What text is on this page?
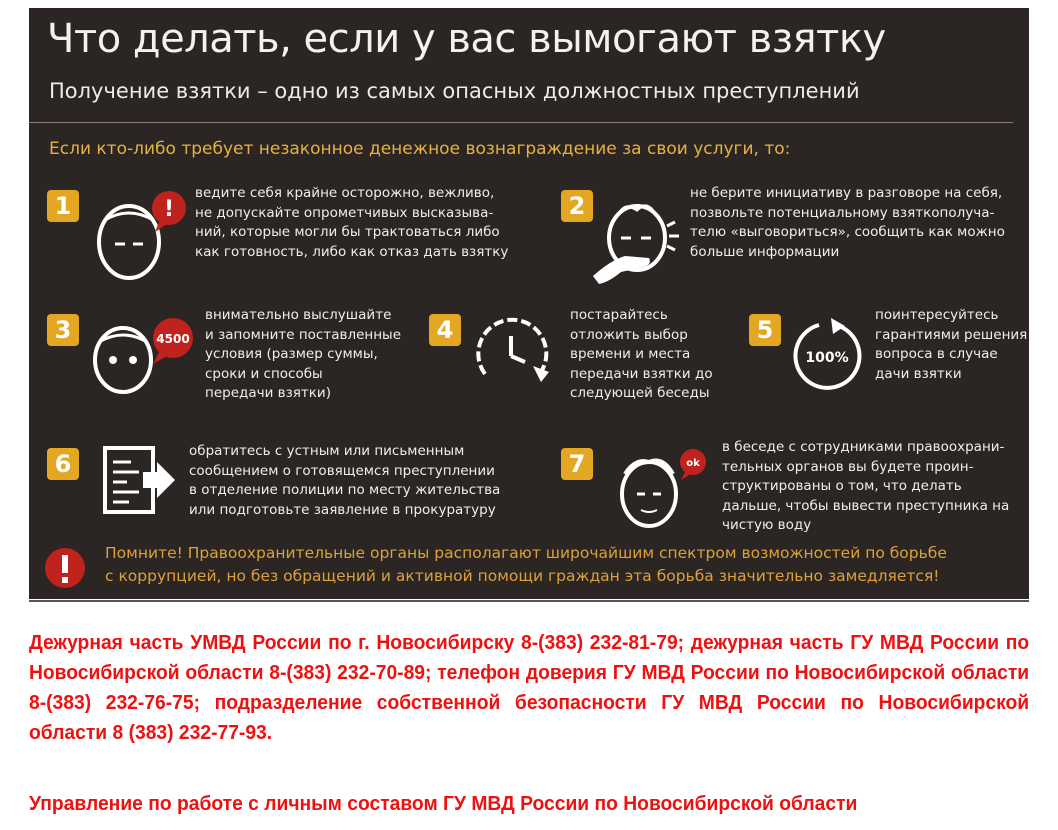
Что делать, если у вас вымогают взятку
Получение взятки – одно из самых опасных должностных преступлений
Если кто-либо требует незаконное денежное вознаграждение за свои услуги, то:
1	!
ведите себя крайне осторожно, вежливо,
не допускайте опрометчивых высказыва-
ний, которые могли бы трактоваться либо
как готовность, либо как отказ дать взятку
2	не берите инициативу в разговоре на себя,
позвольте потенциальному взяткополуча-
телю «выговориться», сообщить как можно
больше информации
3	4500
внимательно выслушайте
и запомните поставленные
условия (размер суммы,
сроки и способы
передачи взятки)
4
постарайтесь
отложить выбор
времени и места
передачи взятки до
следующей беседы
5
100%
поинтересуйтесь
гарантиями решения
вопроса в случае
дачи взятки
6	обратитесь с устным или письменным
сообщением о готовящемся преступлении
в отделение полиции по месту жительства
или подготовьте заявление в прокуратуру
7	ok
в беседе с сотрудниками правоохрани-
тельных органов вы будете проин-
структированы о том, что делать
дальше, чтобы вывести преступника на
чистую воду
Помните! Правоохранительные органы располагают широчайшим спектром возможностей по борьбе
с коррупцией, но без обращений и активной помощи граждан эта борьба значительно замедляется!

Дежурная часть УМВД России по г. Новосибирску 8-(383) 232-81-79; дежурная часть ГУ МВД России по Новосибирской области 8-(383) 232-70-89; телефон доверия ГУ МВД России по Новосибирской области 8-(383) 232-76-75; подразделение собственной безопасности ГУ МВД России по Новосибирской области 8 (383) 232-77-93.

Управление по работе с личным составом ГУ МВД России по Новосибирской области
